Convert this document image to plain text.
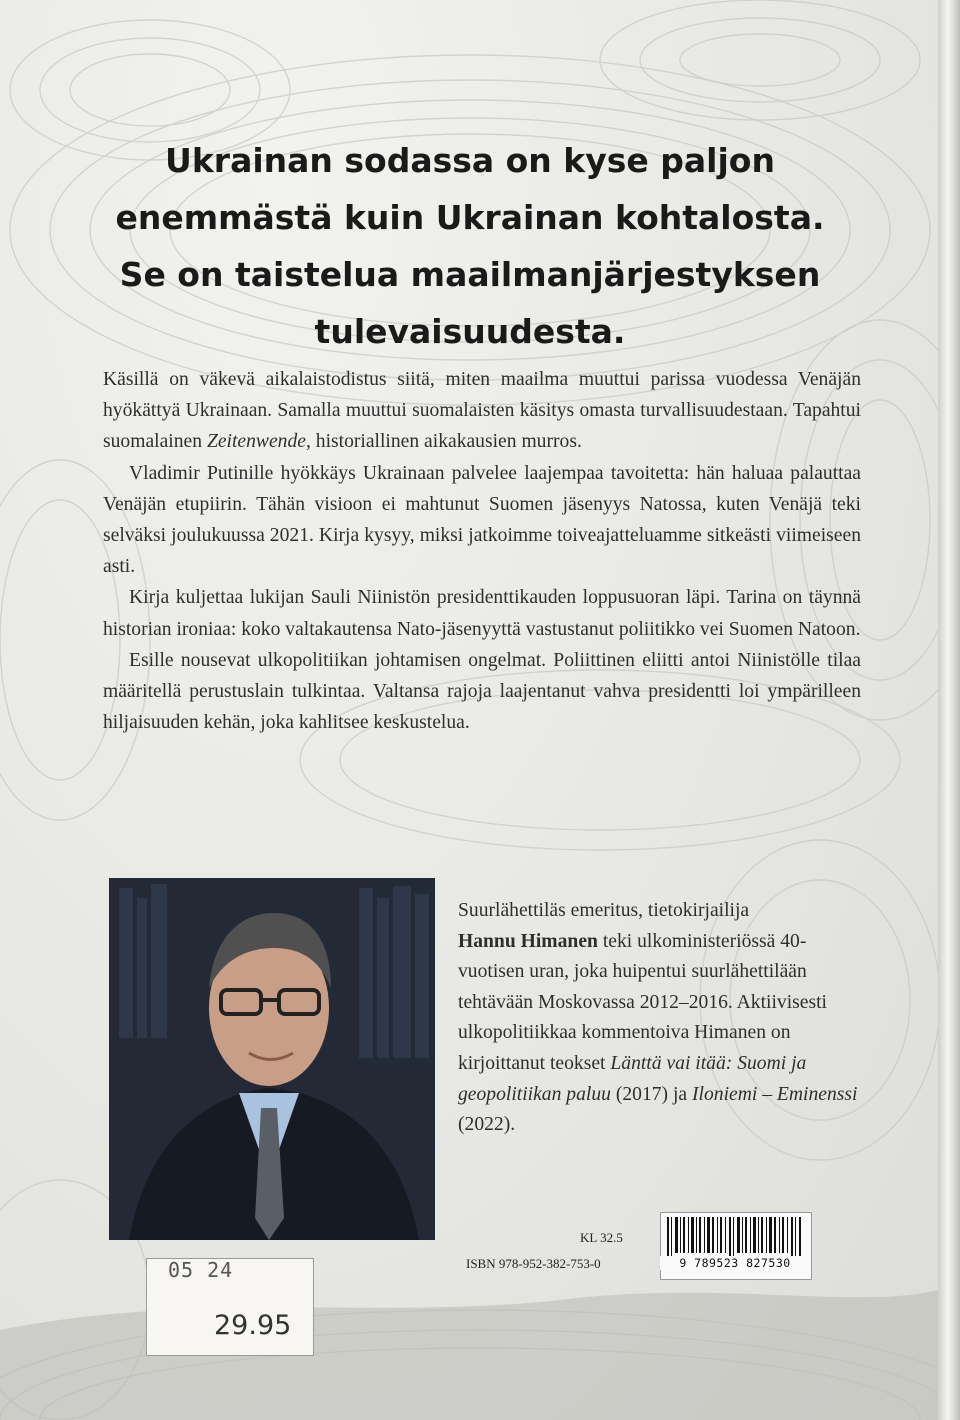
Ukrainan sodassa on kyse paljon
enemmästä kuin Ukrainan kohtalosta.
Se on taistelua maailmanjärjestyksen
tulevaisuudesta.

Käsillä on väkevä aikalaistodistus siitä, miten maailma muuttui parissa vuodessa Venäjän hyökättyä Ukrainaan. Samalla muuttui suomalaisten käsitys omasta turvallisuudestaan. Tapahtui suomalainen Zeitenwende, historiallinen aikakausien murros.

Vladimir Putinille hyökkäys Ukrainaan palvelee laajempaa tavoitetta: hän haluaa palauttaa Venäjän etupiirin. Tähän visioon ei mahtunut Suomen jäsenyys Natossa, kuten Venäjä teki selväksi joulukuussa 2021. Kirja kysyy, miksi jatkoimme toiveajatteluamme sitkeästi viimeiseen asti.

Kirja kuljettaa lukijan Sauli Niinistön presidenttikauden loppusuoran läpi. Tarina on täynnä historian ironiaa: koko valtakautensa Nato-jäsenyyttä vastustanut poliitikko vei Suomen Natoon.

Esille nousevat ulkopolitiikan johtamisen ongelmat. Poliittinen eliitti antoi Niinistölle tilaa määritellä perustuslain tulkintaa. Valtansa rajoja laajentanut vahva presidentti loi ympärilleen hiljaisuuden kehän, joka kahlitsee keskustelua.

Suurlähettiläs emeritus, tietokirjailija
Hannu Himanen teki ulkoministeriössä 40-vuotisen uran, joka huipentui suurlähettilään tehtävään Moskovassa 2012–2016. Aktiivisesti ulkopolitiikkaa kommentoiva Himanen on kirjoittanut teokset Länttä vai itää: Suomi ja geopolitiikan paluu (2017) ja Iloniemi – Eminenssi (2022).

KL 32.5
ISBN 978-952-382-753-0	9 789523 827530
05 24
29.95
